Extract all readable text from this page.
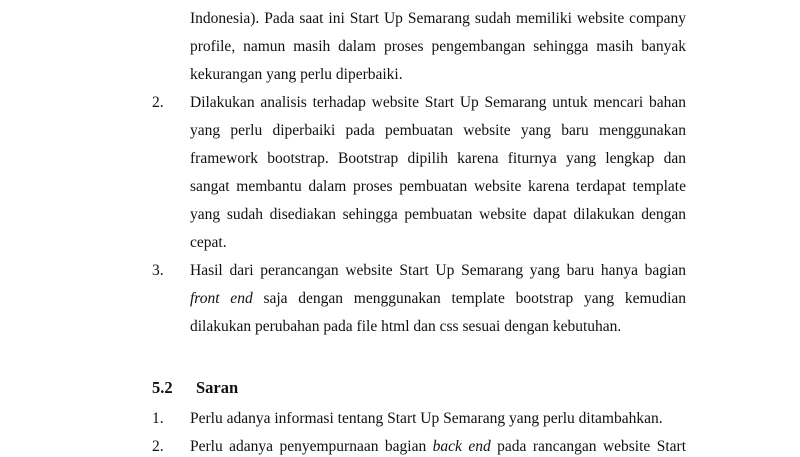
Indonesia). Pada saat ini Start Up Semarang sudah memiliki website company
profile, namun masih dalam proses pengembangan sehingga masih banyak
kekurangan yang perlu diperbaiki.
2. Dilakukan analisis terhadap website Start Up Semarang untuk mencari bahan
yang perlu diperbaiki pada pembuatan website yang baru menggunakan
framework bootstrap. Bootstrap dipilih karena fiturnya yang lengkap dan
sangat membantu dalam proses pembuatan website karena terdapat template
yang sudah disediakan sehingga pembuatan website dapat dilakukan dengan
cepat.
3. Hasil dari perancangan website Start Up Semarang yang baru hanya bagian
front end saja dengan menggunakan template bootstrap yang kemudian
dilakukan perubahan pada file html dan css sesuai dengan kebutuhan.
5.2 Saran
1. Perlu adanya informasi tentang Start Up Semarang yang perlu ditambahkan.
2. Perlu adanya penyempurnaan bagian back end pada rancangan website Start
